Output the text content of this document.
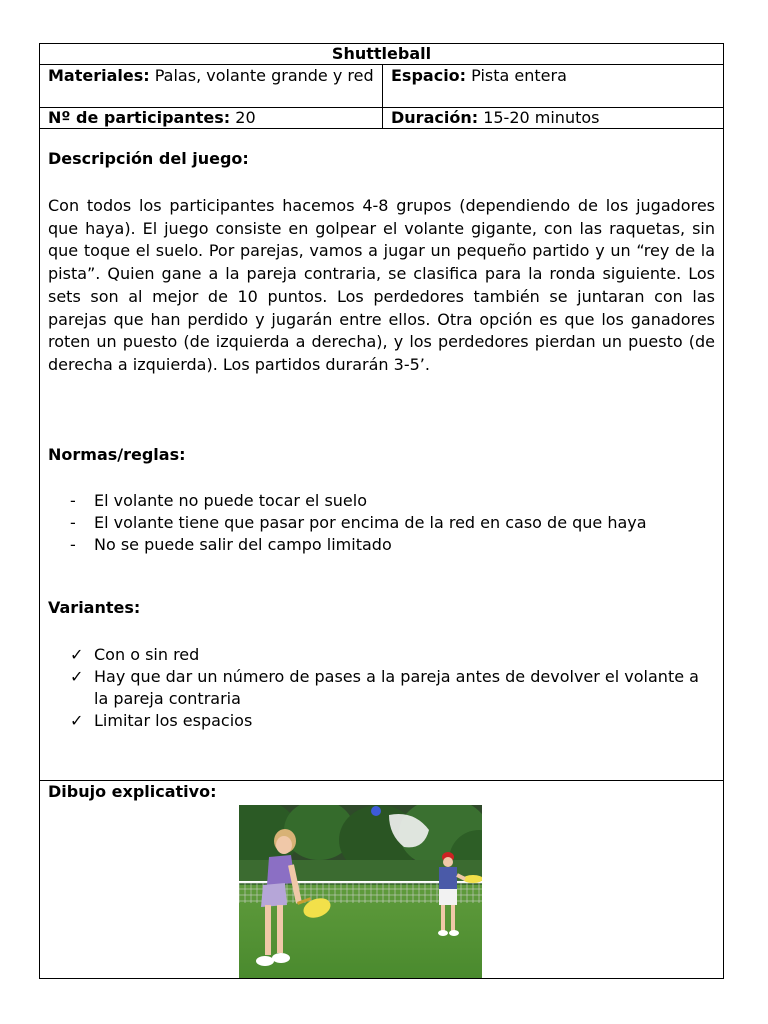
Shuttleball
Materiales: Palas, volante grande y red	Espacio: Pista entera
Nº de participantes: 20	Duración: 15-20 minutos
Descripción del juego:
Con todos los participantes hacemos 4-8 grupos (dependiendo de los jugadores que haya). El juego consiste en golpear el volante gigante, con las raquetas, sin que toque el suelo. Por parejas, vamos a jugar un pequeño partido y un “rey de la pista”. Quien gane a la pareja contraria, se clasifica para la ronda siguiente. Los sets son al mejor de 10 puntos. Los perdedores también se juntaran con las parejas que han perdido y jugarán entre ellos. Otra opción es que los ganadores roten un puesto (de izquierda a derecha), y los perdedores pierdan un puesto (de derecha a izquierda). Los partidos durarán 3-5’.
Normas/reglas:
- El volante no puede tocar el suelo
- El volante tiene que pasar por encima de la red en caso de que haya
- No se puede salir del campo limitado
Variantes:
✓ Con o sin red
✓ Hay que dar un número de pases a la pareja antes de devolver el volante a la pareja contraria
✓ Limitar los espacios
Dibujo explicativo:
